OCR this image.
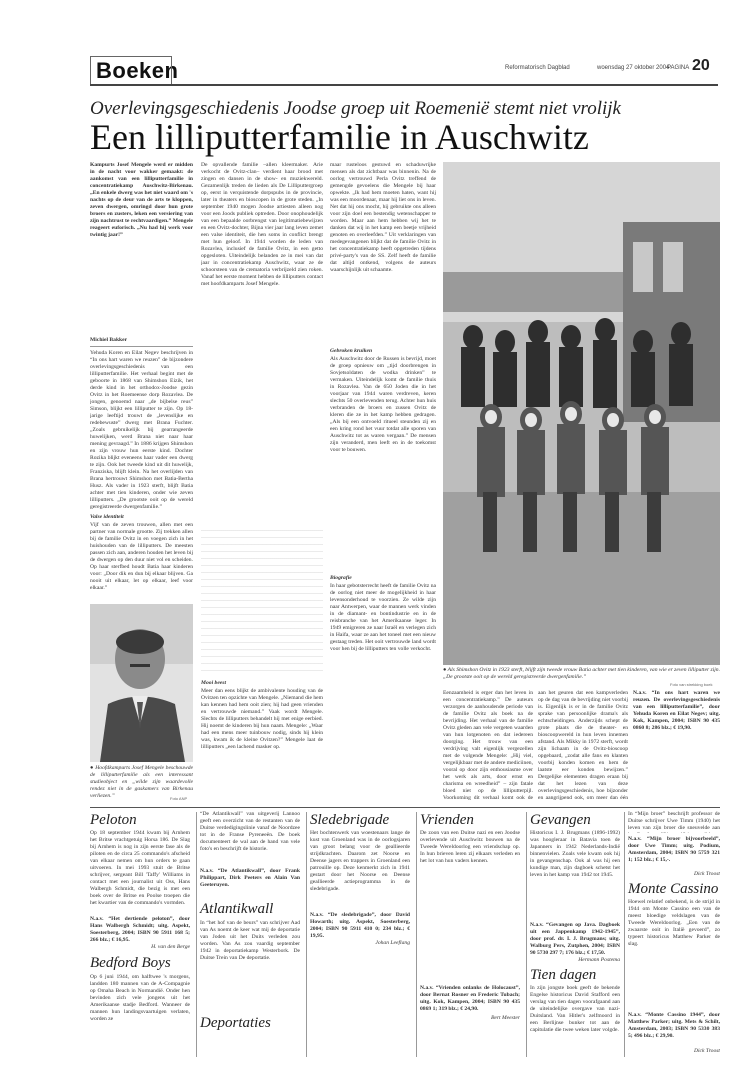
Boeken	Reformatorisch Dagblad	woensdag 27 oktober 2004
PAGINA 20
Overlevingsgeschiedenis Joodse groep uit Roemenië stemt niet vrolijk
Een lilliputterfamilie in Auschwitz
Kampurts Josef Mengele werd er midden in de nacht voor wakker gemaakt: de aankomst van een lilliputterfamilie in concentratiekamp Auschwitz-Birkenau. „En enkele dwerg was het niet waard om 's nachts op de deur van de arts te kloppen, zeven dwergen, omringd door hun grote broers en zusters, leken een versiering van zijn nachtrust te rechtvaardigen.” Mengele reageert euforisch. „Nu had hij werk voor twintig jaar!”
Michiel Bakker
Yehuda Koren en Eilat Negev beschrijven in “In ons hart waren we reuzen” de bijzondere overlevingsgeschiedenis van een lilliputterfamilie. Het verhaal begint met de geboorte in 1868 van Shimshon Eizik, het derde kind in het orthodox-Joodse gezin Ovitz in het Roemeense dorp Rozavlea. De jongen, genoemd naar „de bijbelse reus” Simson, blijkt een lilliputter te zijn. Op 18-jarige leeftijd trouwt de „levenslijke en redebewuste” dwerg met Brana Fuchter. „Zoals gebruikelijk bij gearrangeerde huwelijken, werd Brana niet naar haar mening gevraagd.” In 1886 krijgen Shimshon en zijn vrouw hun eerste kind. Dochter Rozika blijkt eveneens haar vader een dwerg te zijn. Ook het tweede kind uit dit huwelijk, Franziska, blijft klein. Na het overlijden van Brana hertrouwt Shimshon met Batia-Bertha Husz. Als vader in 1923 sterft, blijft Batia achter met tien kinderen, onder wie zeven lilliputters. „De grootste ooit op de wereld geregistreerde dwergenfamilie.”
Valse identiteit
Vijf van de zeven trouwen, allen met een partner van normale grootte. Zij trekken allen bij de familie Ovitz in en voegen zich in het huishouden van de lilliputters. De meesten passen zich aan, anderen houden het leven bij de dwergen op den duur niet vol en scheiden. Op haar sterfbed houdt Batia haar kinderen voor: „Door dik en dun bij elkaar blijven. Ga nooit uit elkaar, let op elkaar, leef voor elkaar.”
● Hoofdkampurts Josef Mengele beschouwde de lilliputterfamilie als een interessant studieobject en „wilde zijn waardevolle rendez niet in de gaskamers van Birkenau verliezen.”	Foto ANP
De opvallende familie –allen kleermaker. Arie verkocht de Ovitz-clan– verdient haar brood met zingen en dansen in de show- en muziekwereld. Gezamenlijk treden de lieden als De Lilliputtergroep op, eerst in verquistende dorpspubs in de provincie, later in theaters en bioscopen in de grote steden. „In september 1940 mogen Joodse artiesten alleen nog voor een Joods publiek optreden. Door onophoudelijk van een bepaalde oorbrengst van legitimatiebewijzen en een Ovitz-dochter, Bijna vier jaar lang leven zemet een valse identiteit, die hen soms in conflict brengt met hun geloof. In 1944 worden de leden van Rozavlea, inclusief de familie Ovitz, in een getto opgesloten. Uiteindelijk belanden ze in mei van dat jaar in concentratiekamp Auschwitz, waar ze de schoorsteen van de crematoria verbrijzeld zien roken. Vanaf het eerste moment hebben de lilliputters contact met hoofdkamparts Josef Mengele.
Mooi beest
Meer dan eens blijkt de ambivalente houding van de Ovitzen ten opzichte van Mengele. „Niemand die hem kan kennen had hem ooit zien; hij had geen vrienden en vertrouwde niemand.” Vaak wordt Mengele. Slechts de lilliputters behandelt hij met enige eerbied. Hij noemt de kinderen bij hun naam. Mengele: „Waar had een mens meer tuinbouw nodig, sinds hij klein was, kwam ik de kleine Ovitzen?” Mengele laat de lilliputters „een lachend masker op.
maar rusteloos gestuwd en schaduwrijke mensen als dat zichtbaar was binnenin. Na de oorlog vertrouwd Perla Ovitz treffend de gemengde gevoelens die Mengele bij haar opwekte. „Ik had hem moeten haten, want hij was een moordenaar, maar hij liet ons in leven. Net dat hij ons mocht, hij gebruikte ons alleen voor zijn doel een bestendig wetenschapper te worden. Maar aan hem hebben wij het te danken dat wij in het kamp een beetje vrijheid genoten en overleefden.” Uit verklaringen van medegevangenen blijkt dat de familie Ovitz in het concentratiekamp heeft opgetreden tijdens privé-party's van de SS. Zelf heeft de familie dat altijd ontkend, volgens de auteurs waarschijnlijk uit schaamte.
Gebroken kruiken
Als Auschwitz door de Russen is bevrijd, moet de groep opnieuw om „tijd doorbrengen in Sovjetsoldaten de wodka drinken” te vermaken. Uiteindelijk komt de familie thuis in Rozavlea. Van de 650 Joden die in het voorjaar van 1944 waren verdreven, keren slechts 50 overlevenden terug. Achter hun huis verbranden de broers en zussen Ovitz de kleren die ze in het kamp hebben gedragen. „Als bij een ontvoeld ritueel steunden zij en een kring rond het vuur totdat alle sporen van Auschwitz tot as waren vergaan.” De mensen zijn veranderd, men leeft en in de toekomst voor te bouwen.
Biografie
In haar gebotsterrecht heeft de familie Ovitz na de oorlog niet meer de mogelijkheid in haar levensonderhoud te voorzien. Ze wilde zijn naar Antwerpen, waar de mannen werk vinden in de diamant- en bontindustrie en in de reisbranche van het Amerikaanse leger. In 1949 emigreren ze naar Israël en verlegen zich in Haifa, waar ze aan het toneel met een nieuw gestaag treden. Het ooit vertrouwde land wordt voor hen bij de lilliputters ten volle verkocht.
● Als Shimshon Ovitz in 1923 sterft, blijft zijn tweede vrouw Batia achter met tien kinderen, van wie er zeven lilliputter zijn. „De grootste ooit op de wereld geregistreerde dwergenfamilie.”
Foto van strekking boek
Eenzaamheid is erger dan het leven in een concentratiekamp.” De auteurs verzorgen de aanhoudende periode van de familie Ovitz als boek na de bevrijding. Het verhaal van de familie Ovitz gleden aan vele vergeten waarden van hun lotgenoten en dat iedereen doorging. Het trouw van een verdrijving valt eigenlijk vergezellen met de volgende Mengele: „Hij viel, vergelijkbaar met de andere mediciinen, vooral op door zijn enthousiasme over het werk als arts, door ernst en charisma en wreedheid” – zijn fatale bloed niet op de lilliputterpijl. Voorkoming dit verhaal komt ook de
aan het geuren dat een kampverleden op de dag van de bevrijding niet voorbij is. Eigenlijk is er in de familie Ovitz sprake van persoonlijke drama's als echtscheidingen. Anderzijds schept de grote plaats die de theater- en bioscoopwereld in hun leven innemen afstand. Als Mikky in 1972 sterft, wordt zijn lichaam in de Ovitz-bioscoop opgebaard, „zodat alle fans en klanten voorbij konden komen en hem de laatste eer konden bewijzen.” Dergelijke elementen dragen eraan bij dat het lezen van deze overlevingsgeschiedenis, hoe bijzonder en aangrijpend ook, om meer dan één
N.a.v. “In ons hart waren we reuzen. De overlevingsgeschiedenis van een lilliputterfamilie”, door Yehuda Koren en Eilat Negev; uitg. Kok, Kampen, 2004; ISBN 90 435 0860 8; 286 blz.; € 19,90.
Peloton
Op 18 september 1944 kwam bij Arnhem het Britse vrachtgetuig Horsa 186. De Slag bij Arnhem is nog in zijn eerste fase als de piloten en de circa 25 commando's afscheid van elkaar nemen om hun orders te gaan uitvoeren. In mei 1993 stuit de Britse schrijver, sergeant Bill 'Taffy' Williams in contact met een journalist uit Oss, Hans Walbergh Schmidt, die bezig is met een boek over de Britse en Poolse troepen die het kwartier van de commando's vormden.
N.a.v. “Het dertiende peloton”, door Hans Walbergh Schmidt; uitg. Aspekt, Soesterberg, 2004; ISBN 90 5911 168 5; 266 blz.; € 16,95.
H. van den Berge
Bedford Boys
Op 6 juni 1944, om halftwee 's morgens, landden 180 mannen van de A-Compagnie op Omaha Beach in Normandië. Onder hen bevinden zich vele jongens uit het Amerikaanse stadje Bedford. Wanneer de mannen hun landingsvaartuigen verlaten, worden ze
“De Atlantikwall” van uitgeverij Lannoo geeft een overzicht van de restanten van de Duitse verdedigingslinie vanaf de Noordzee tot in de Franse Pyreneeën. De boek documenteert de wal aan de hand van vele foto's en beschrijft de historie.
N.a.v. “De Atlantikwall”, door Frank Philippart, Dirk Peeters en Alain Van Geeteruyen.
Atlantikwall
In “het hof van de beurs” van schrijver Aad van As noemt de keer wat mij de deportatie van Joden uit het Duits verleden zou worden. Van As zou vaardig september 1942 in deportatiekamp Westerbork. De Duitse Trein van De deportatie.
Deportaties
Sledebrigade
Het bochtenwerk van woestenaars lange de kust van Groenland was in de oorlogsjaren van groot belang voor de geallieerde strijdkrachten. Daarom zet Noorse en Deense jagers en trappers in Groenland een patrouille op. Deze kenmerkt zich in 1941 gestart door het Noorse en Deense geallieerde actieprogramma in de sledebrigade.
N.a.v. “De sledebrigade”, door David Howarth; uitg. Aspekt, Soesterberg, 2004; ISBN 90 5911 410 0; 234 blz.; € 19,95.
Johan Leeflang
Vrienden
De zoon van een Duitse nazi en een Joodse overlevende uit Auschwitz bouwen na de Tweede Wereldoorlog een vriendschap op. In hun brieven leren zij elkaars verleden en het lot van hun vaders kennen.
N.a.v. “Vrienden onlanks de Holocaust”, door Bernat Rosner en Frederic Tubach; uitg. Kok, Kampen, 2004; ISBN 90 435 0869 1; 319 blz.; € 24,90.
Bert Meester
Gevangen
Historicus I. J. Brugmans (1896-1992) was hoogleraar in Batavia toen de Japanners in 1942 Nederlands-Indië binnenvielen. Zoals vele kwam ook hij in gevangenschap. Ook al was hij een kundige man, zijn dagboek schetst het leven in het kamp van 1942 tot 1945.
N.a.v. “Gevangen op Java. Dagboek uit een Jappenkamp 1942-1945”, door prof. dr. I. J. Brugmans; uitg. Walburg Pers, Zutphen, 2004; ISBN 90 5730 297 7; 176 blz.; € 17,50.
Hermann Postema
Tien dagen
In zijn jongste boek geeft de bekende Engelse historicus David Stafford een verslag van tien dagen voorafgaand aan de uiteindelijke overgave van nazi-Duitsland. Van Hitler's zelfmoord in een Berlijnse bunker tot aan de capitulatie die twee weken later volgde.
In “Mijn broer” beschrijft professor de Duitse schrijver Uwe Timm (1940) het leven van zijn broer die sneuvelde aan
N.a.v. “Mijn broer bijvoorbeeld”, door Uwe Timm; uitg. Podium, Amsterdam, 2004; ISBN 90 5759 321 1; 152 blz.; € 15,-.
Dick Troost
Monte Cassino
Hoewel relatief onbekend, is de strijd in 1944 om Monte Cassino een van de meest bloedige veldslagen van de Tweede Wereldoorlog. „Een van de zwaarste ooit in Italië gevoerd”, zo typeert historicus Matthew Parker de slag.
N.a.v. “Monte Cassino 1944”, door Matthew Parker; uitg. Mets & Schilt, Amsterdam, 2003; ISBN 90 5330 383 5; 496 blz.; € 29,90.
Dick Troost
